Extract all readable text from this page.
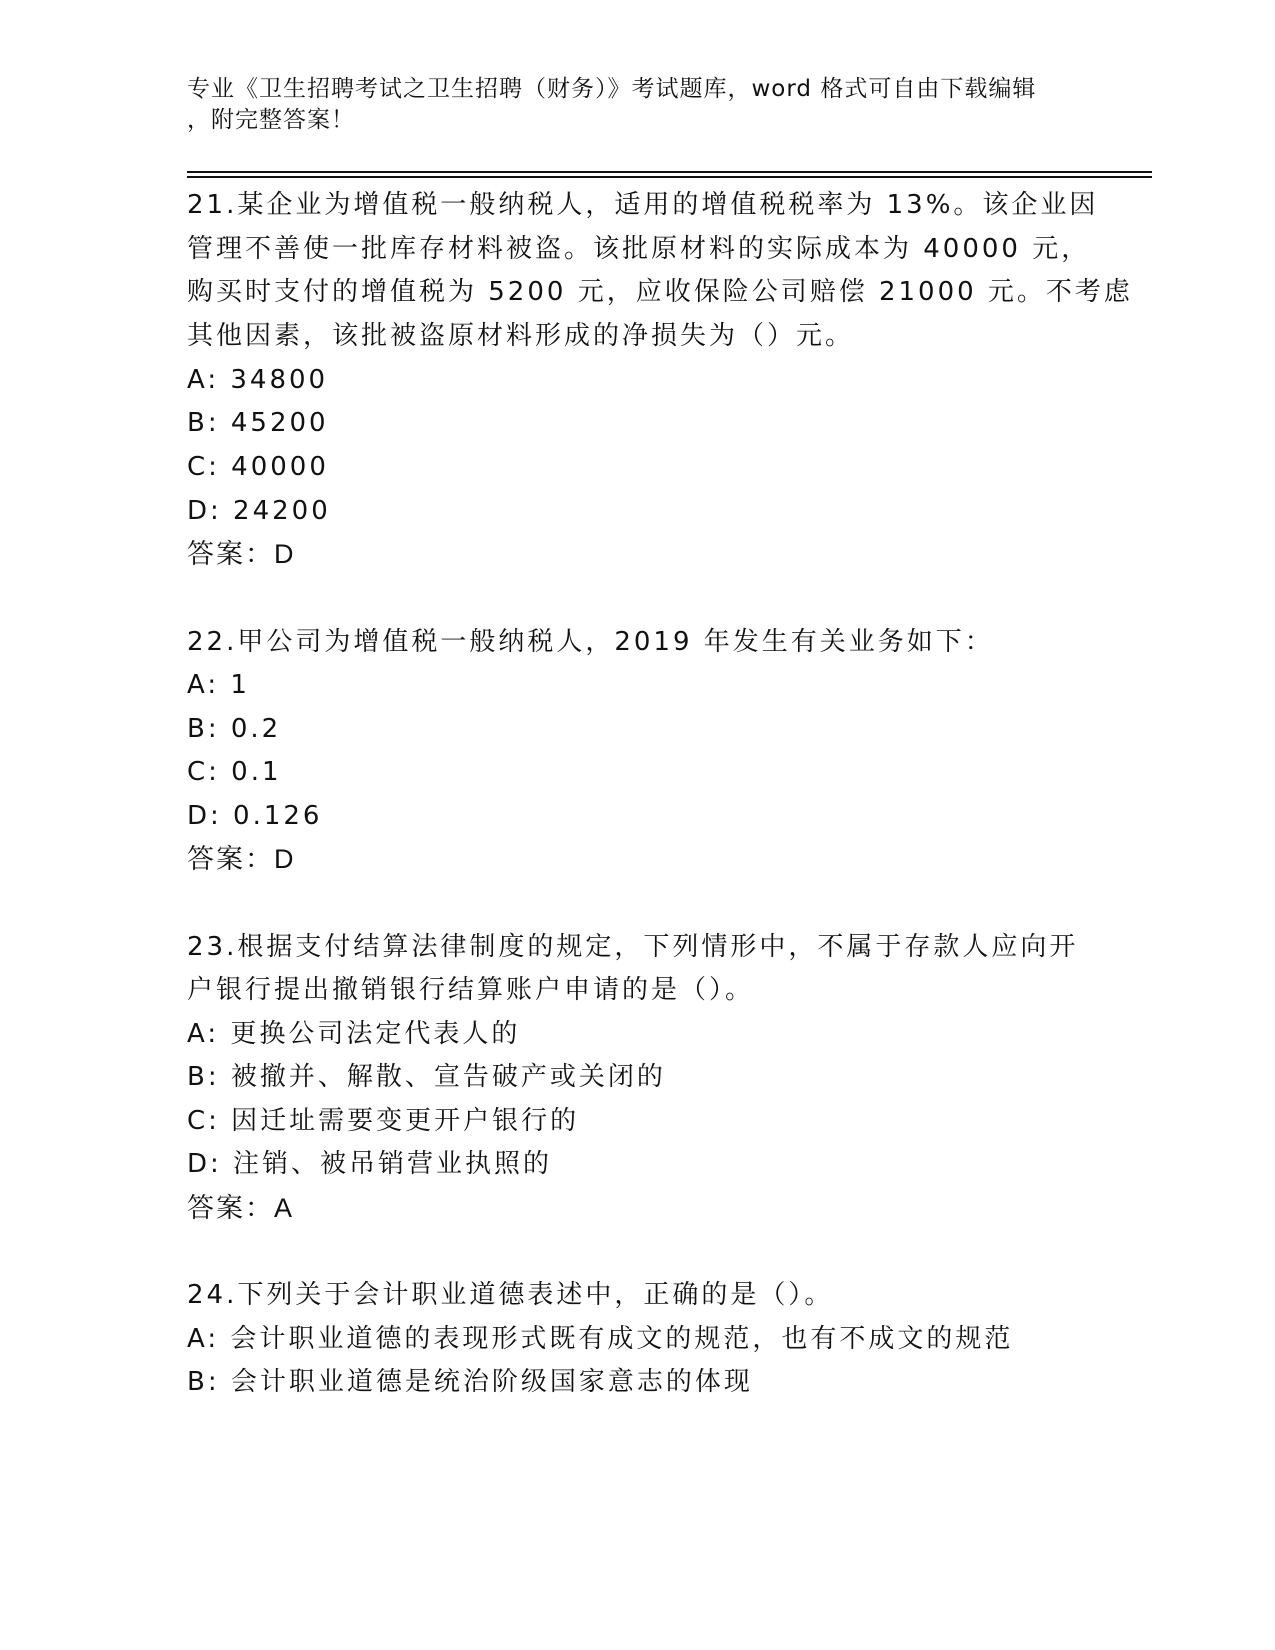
专业《卫生招聘考试之卫生招聘（财务）》考试题库，word 格式可自由下载编辑
，附完整答案！
21.某企业为增值税一般纳税人，适用的增值税税率为 13%。该企业因
管理不善使一批库存材料被盗。该批原材料的实际成本为 40000 元，
购买时支付的增值税为 5200 元，应收保险公司赔偿 21000 元。不考虑
其他因素，该批被盗原材料形成的净损失为（）元。
A: 34800
B: 45200
C: 40000
D: 24200
答案：D
22.甲公司为增值税一般纳税人，2019 年发生有关业务如下：
A: 1
B: 0.2
C: 0.1
D: 0.126
答案：D
23.根据支付结算法律制度的规定，下列情形中，不属于存款人应向开
户银行提出撤销银行结算账户申请的是（）。
A: 更换公司法定代表人的
B: 被撤并、解散、宣告破产或关闭的
C: 因迁址需要变更开户银行的
D: 注销、被吊销营业执照的
答案：A
24.下列关于会计职业道德表述中，正确的是（）。
A: 会计职业道德的表现形式既有成文的规范，也有不成文的规范
B: 会计职业道德是统治阶级国家意志的体现
